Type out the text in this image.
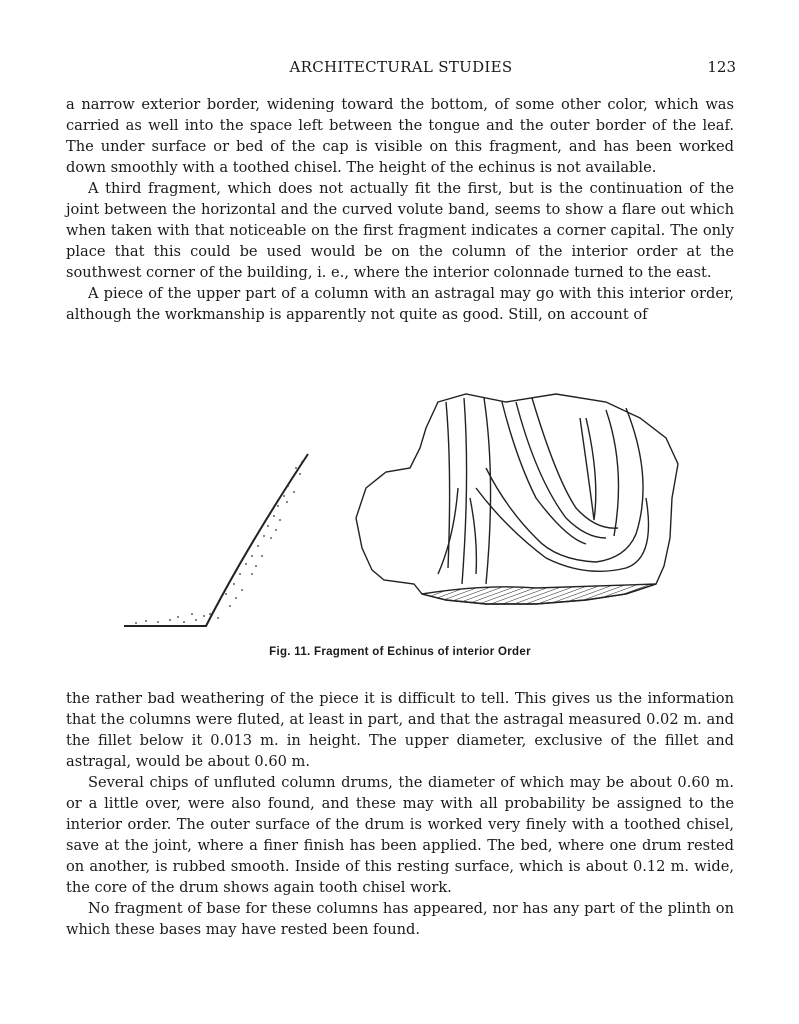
ARCHITECTURAL STUDIES	123

a narrow exterior border, widening toward the bottom, of some other color, which was carried as well into the space left between the tongue and the outer border of the leaf. The under surface or bed of the cap is visible on this fragment, and has been worked down smoothly with a toothed chisel. The height of the echinus is not available.

A third fragment, which does not actually fit the first, but is the continuation of the joint between the horizontal and the curved volute band, seems to show a flare out which when taken with that noticeable on the first fragment indicates a corner capital. The only place that this could be used would be on the column of the interior order at the southwest corner of the building, i. e., where the interior colonnade turned to the east.

A piece of the upper part of a column with an astragal may go with this interior order, although the workmanship is apparently not quite as good. Still, on account of

Fig. 11. Fragment of Echinus of interior Order

the rather bad weathering of the piece it is difficult to tell. This gives us the information that the columns were fluted, at least in part, and that the astragal measured 0.02 m. and the fillet below it 0.013 m. in height. The upper diameter, exclusive of the fillet and astragal, would be about 0.60 m.

Several chips of unfluted column drums, the diameter of which may be about 0.60 m. or a little over, were also found, and these may with all probability be assigned to the interior order. The outer surface of the drum is worked very finely with a toothed chisel, save at the joint, where a finer finish has been applied. The bed, where one drum rested on another, is rubbed smooth. Inside of this resting surface, which is about 0.12 m. wide, the core of the drum shows again tooth chisel work.

No fragment of base for these columns has appeared, nor has any part of the plinth on which these bases may have rested been found.
